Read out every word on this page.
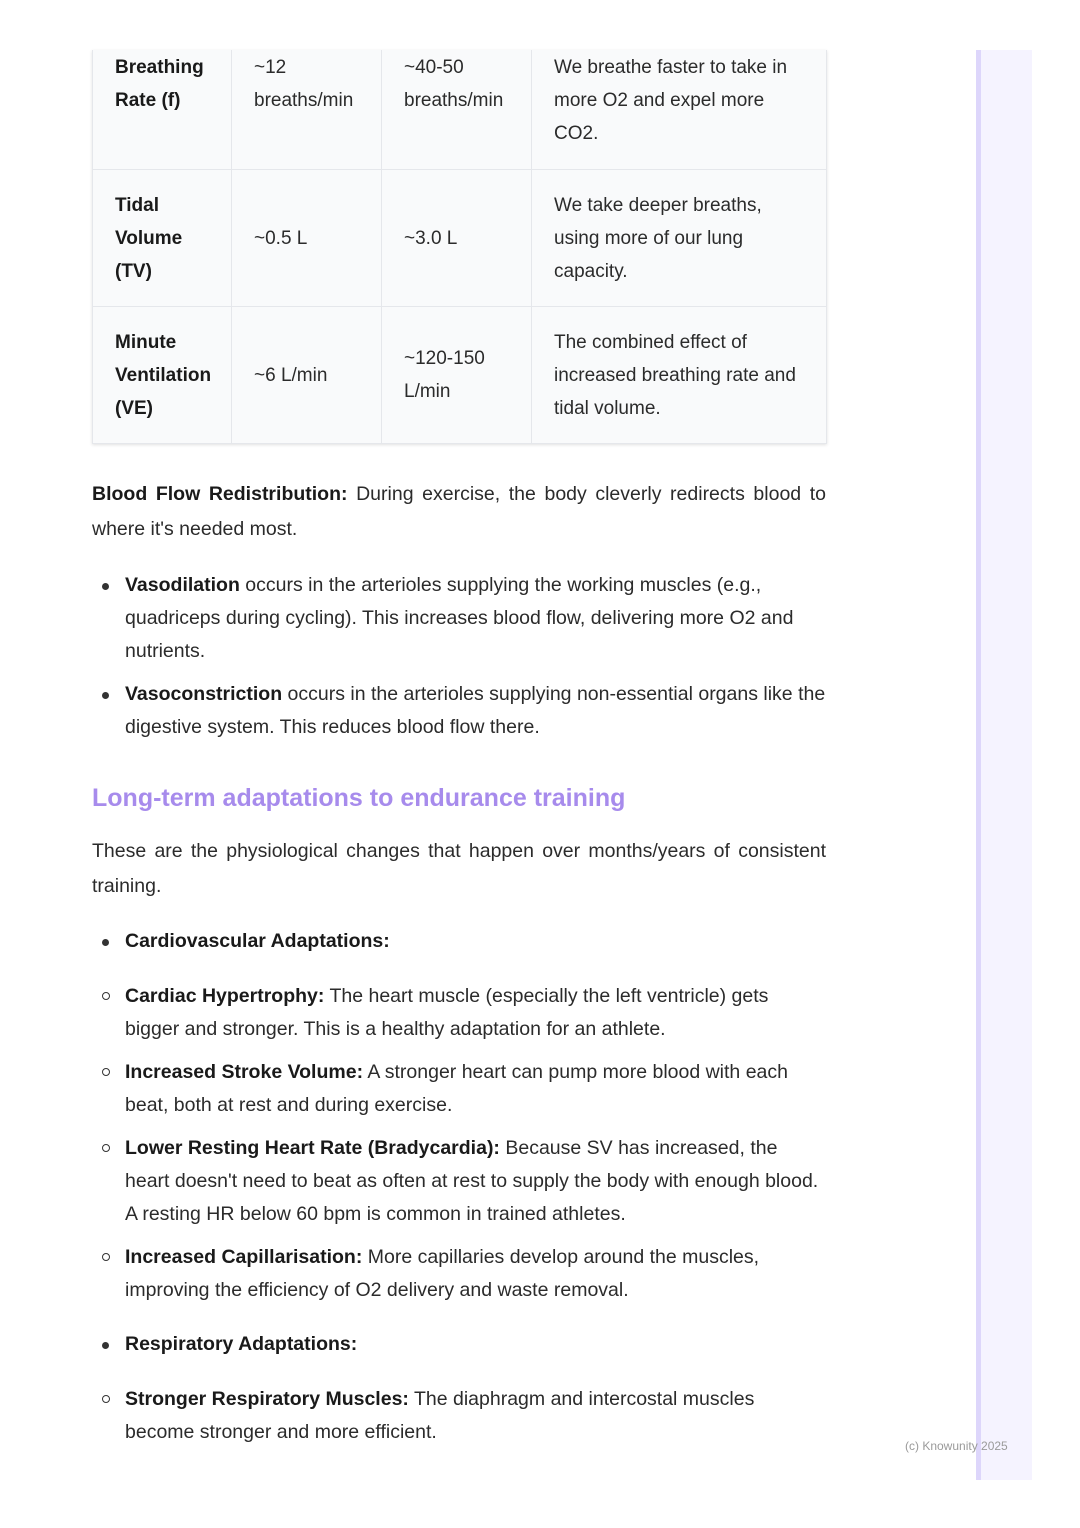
(c) Knowunity 2025
Breathing Rate (f)	~12 breaths/min	~40-50 breaths/min	We breathe faster to take in more O2 and expel more CO2.
Tidal Volume (TV)	~0.5 L	~3.0 L	We take deeper breaths, using more of our lung capacity.
Minute Ventilation (VE)	~6 L/min	~120-150 L/min	The combined effect of increased breathing rate and tidal volume.

Blood Flow Redistribution: During exercise, the body cleverly redirects blood to where it's needed most.

Vasodilation occurs in the arterioles supplying the working muscles (e.g., quadriceps during cycling). This increases blood flow, delivering more O2 and nutrients.
Vasoconstriction occurs in the arterioles supplying non-essential organs like the digestive system. This reduces blood flow there.
Long-term adaptations to endurance training

These are the physiological changes that happen over months/years of consistent training.

Cardiovascular Adaptations:
Cardiac Hypertrophy: The heart muscle (especially the left ventricle) gets bigger and stronger. This is a healthy adaptation for an athlete.
Increased Stroke Volume: A stronger heart can pump more blood with each beat, both at rest and during exercise.
Lower Resting Heart Rate (Bradycardia): Because SV has increased, the heart doesn't need to beat as often at rest to supply the body with enough blood. A resting HR below 60 bpm is common in trained athletes.
Increased Capillarisation: More capillaries develop around the muscles, improving the efficiency of O2 delivery and waste removal.
Respiratory Adaptations:
Stronger Respiratory Muscles: The diaphragm and intercostal muscles become stronger and more efficient.
